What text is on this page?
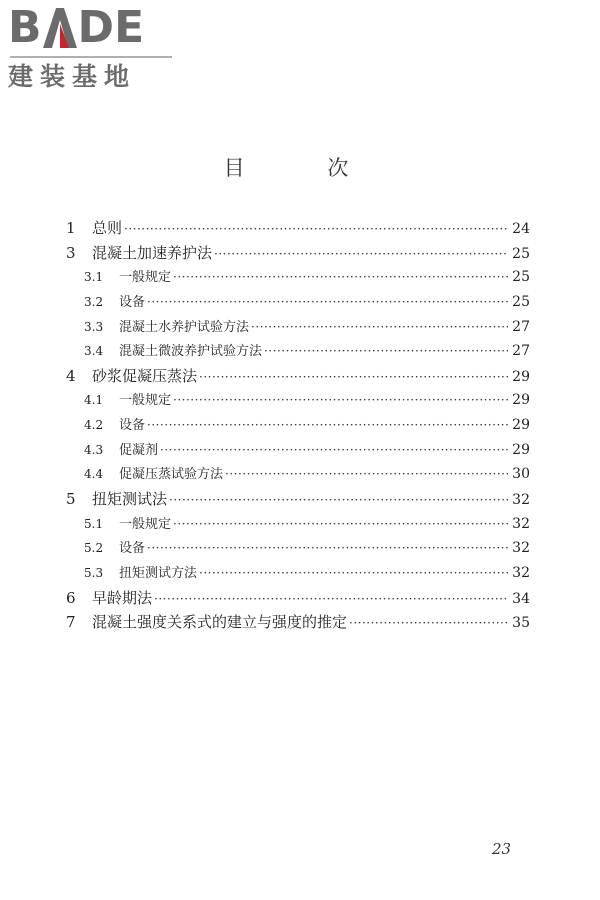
B DE
建装基地
目 次
1	总则 ·····	24
3	混凝土加速养护法 ·····	25
3.1	一般规定 ·····	25
3.2	设备 ·····	25
3.3	混凝土水养护试验方法 ·····	27
3.4	混凝土微波养护试验方法 ·····	27
4	砂浆促凝压蒸法 ·····	29
4.1	一般规定 ·····	29
4.2	设备 ·····	29
4.3	促凝剂 ·····	29
4.4	促凝压蒸试验方法 ·····	30
5	扭矩测试法 ·····	32
5.1	一般规定 ·····	32
5.2	设备 ·····	32
5.3	扭矩测试方法 ·····	32
6	早龄期法 ·····	34
7	混凝土强度关系式的建立与强度的推定 ·····	35
23
